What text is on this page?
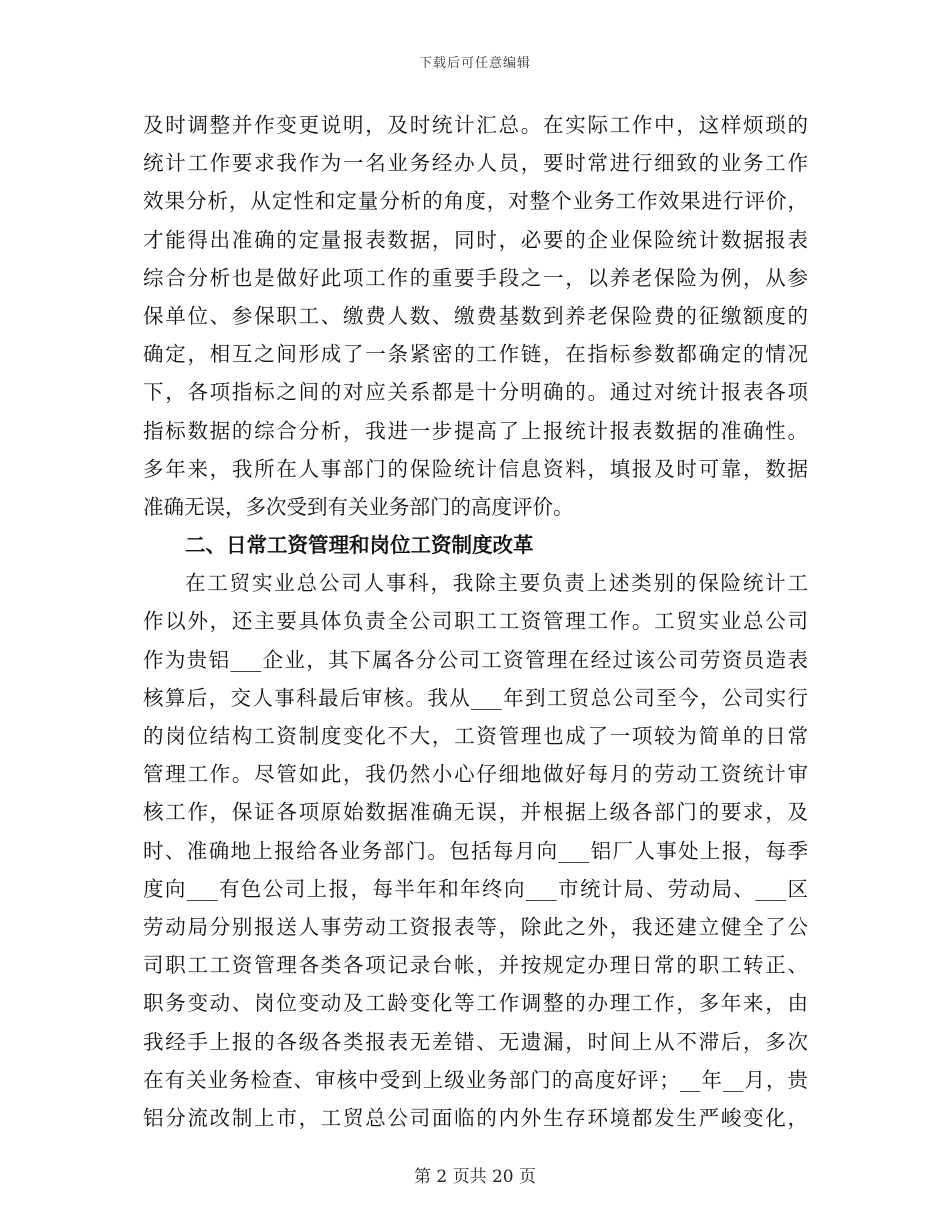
下载后可任意编辑
及时调整并作变更说明，及时统计汇总。在实际工作中，这样烦琐的
统计工作要求我作为一名业务经办人员，要时常进行细致的业务工作
效果分析，从定性和定量分析的角度，对整个业务工作效果进行评价，
才能得出准确的定量报表数据，同时，必要的企业保险统计数据报表
综合分析也是做好此项工作的重要手段之一，以养老保险为例，从参
保单位、参保职工、缴费人数、缴费基数到养老保险费的征缴额度的
确定，相互之间形成了一条紧密的工作链，在指标参数都确定的情况
下，各项指标之间的对应关系都是十分明确的。通过对统计报表各项
指标数据的综合分析，我进一步提高了上报统计报表数据的准确性。
多年来，我所在人事部门的保险统计信息资料，填报及时可靠，数据
准确无误，多次受到有关业务部门的高度评价。
二、日常工资管理和岗位工资制度改革
在工贸实业总公司人事科，我除主要负责上述类别的保险统计工
作以外，还主要具体负责全公司职工工资管理工作。工贸实业总公司
作为贵铝___企业，其下属各分公司工资管理在经过该公司劳资员造表
核算后，交人事科最后审核。我从___年到工贸总公司至今，公司实行
的岗位结构工资制度变化不大，工资管理也成了一项较为简单的日常
管理工作。尽管如此，我仍然小心仔细地做好每月的劳动工资统计审
核工作，保证各项原始数据准确无误，并根据上级各部门的要求，及
时、准确地上报给各业务部门。包括每月向___铝厂人事处上报，每季
度向___有色公司上报，每半年和年终向___市统计局、劳动局、___区
劳动局分别报送人事劳动工资报表等，除此之外，我还建立健全了公
司职工工资管理各类各项记录台帐，并按规定办理日常的职工转正、
职务变动、岗位变动及工龄变化等工作调整的办理工作，多年来，由
我经手上报的各级各类报表无差错、无遗漏，时间上从不滞后，多次
在有关业务检查、审核中受到上级业务部门的高度好评；__年__月，贵
铝分流改制上市，工贸总公司面临的内外生存环境都发生严峻变化，
第 2 页共 20 页
